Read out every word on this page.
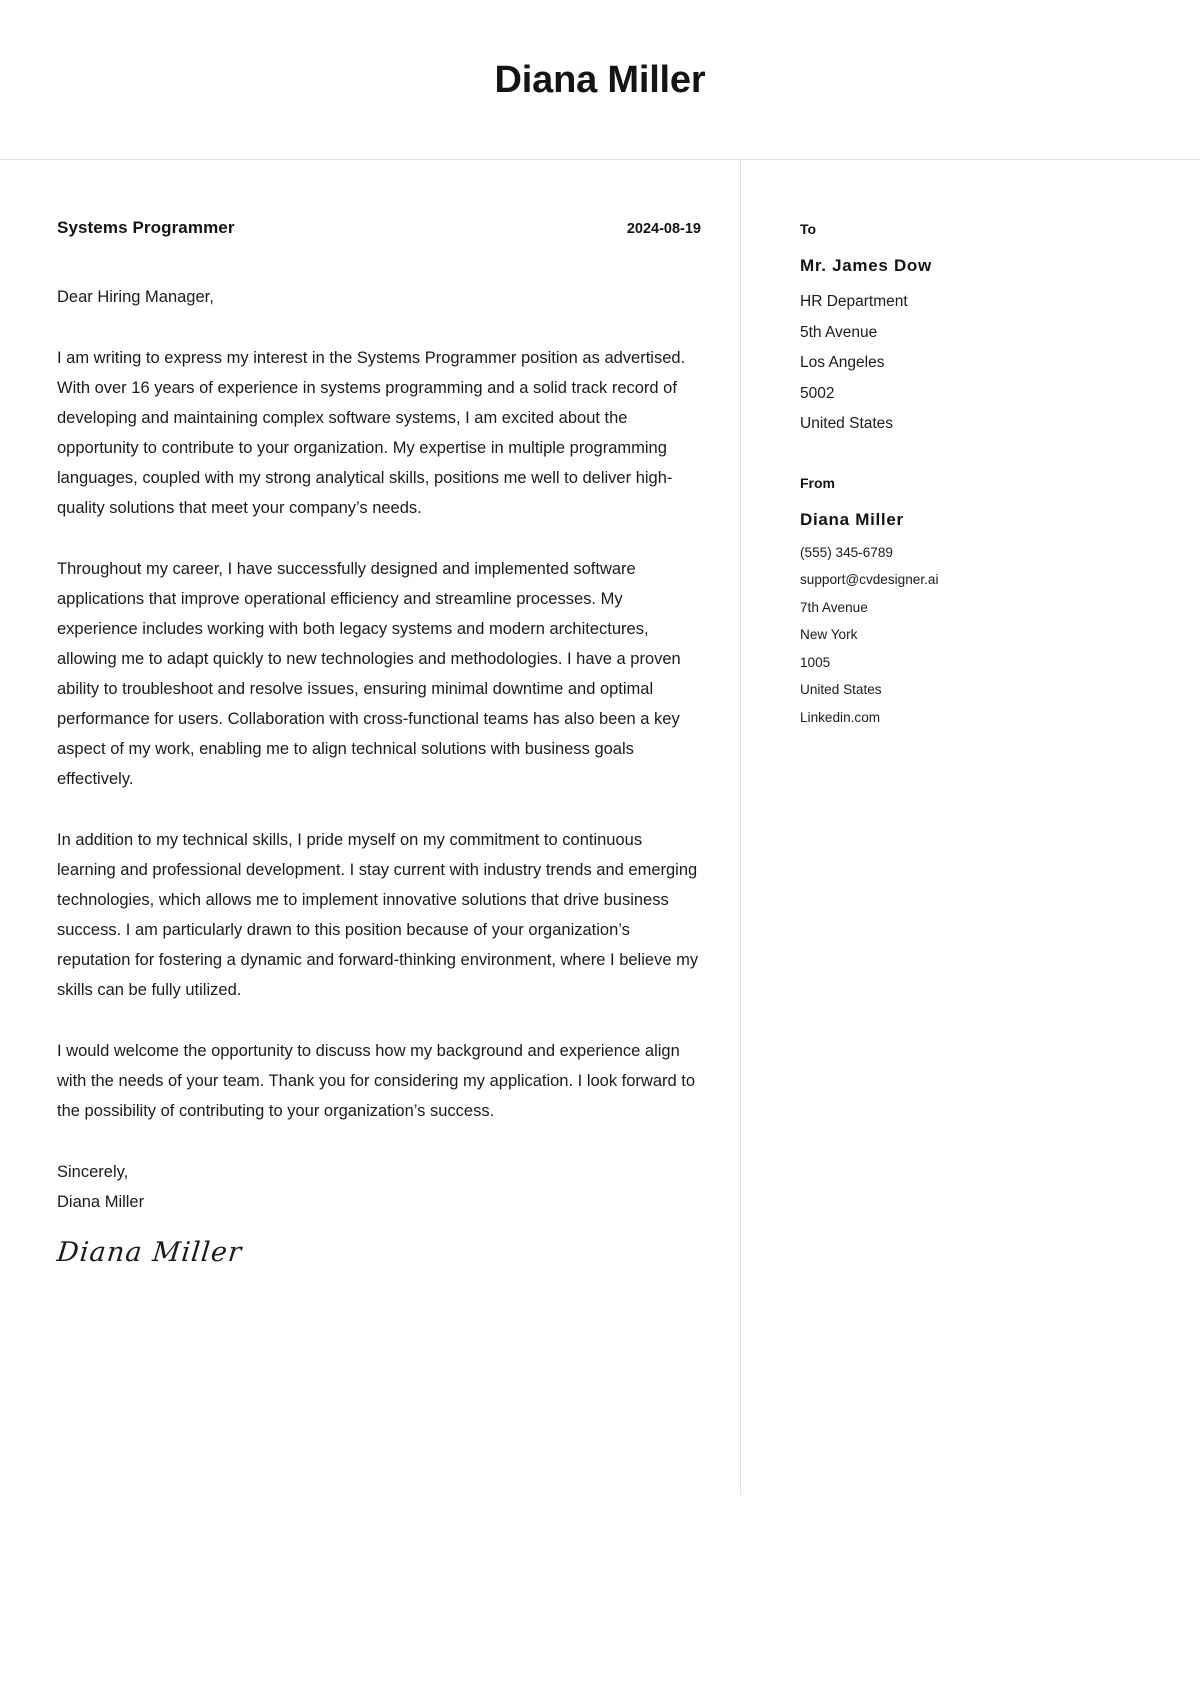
Diana Miller
Systems Programmer	2024-08-19
Dear Hiring Manager,

I am writing to express my interest in the Systems Programmer position as advertised. With over 16 years of experience in systems programming and a solid track record of developing and maintaining complex software systems, I am excited about the opportunity to contribute to your organization. My expertise in multiple programming languages, coupled with my strong analytical skills, positions me well to deliver high-quality solutions that meet your company’s needs.

Throughout my career, I have successfully designed and implemented software applications that improve operational efficiency and streamline processes. My experience includes working with both legacy systems and modern architectures, allowing me to adapt quickly to new technologies and methodologies. I have a proven ability to troubleshoot and resolve issues, ensuring minimal downtime and optimal performance for users. Collaboration with cross-functional teams has also been a key aspect of my work, enabling me to align technical solutions with business goals effectively.

In addition to my technical skills, I pride myself on my commitment to continuous learning and professional development. I stay current with industry trends and emerging technologies, which allows me to implement innovative solutions that drive business success. I am particularly drawn to this position because of your organization’s reputation for fostering a dynamic and forward-thinking environment, where I believe my skills can be fully utilized.

I would welcome the opportunity to discuss how my background and experience align with the needs of your team. Thank you for considering my application. I look forward to the possibility of contributing to your organization’s success.

Sincerely,
Diana Miller
Diana Miller
To
Mr. James Dow
HR Department
5th Avenue
Los Angeles
5002
United States
From
Diana Miller
(555) 345-6789
support@cvdesigner.ai
7th Avenue
New York
1005
United States
Linkedin.com
